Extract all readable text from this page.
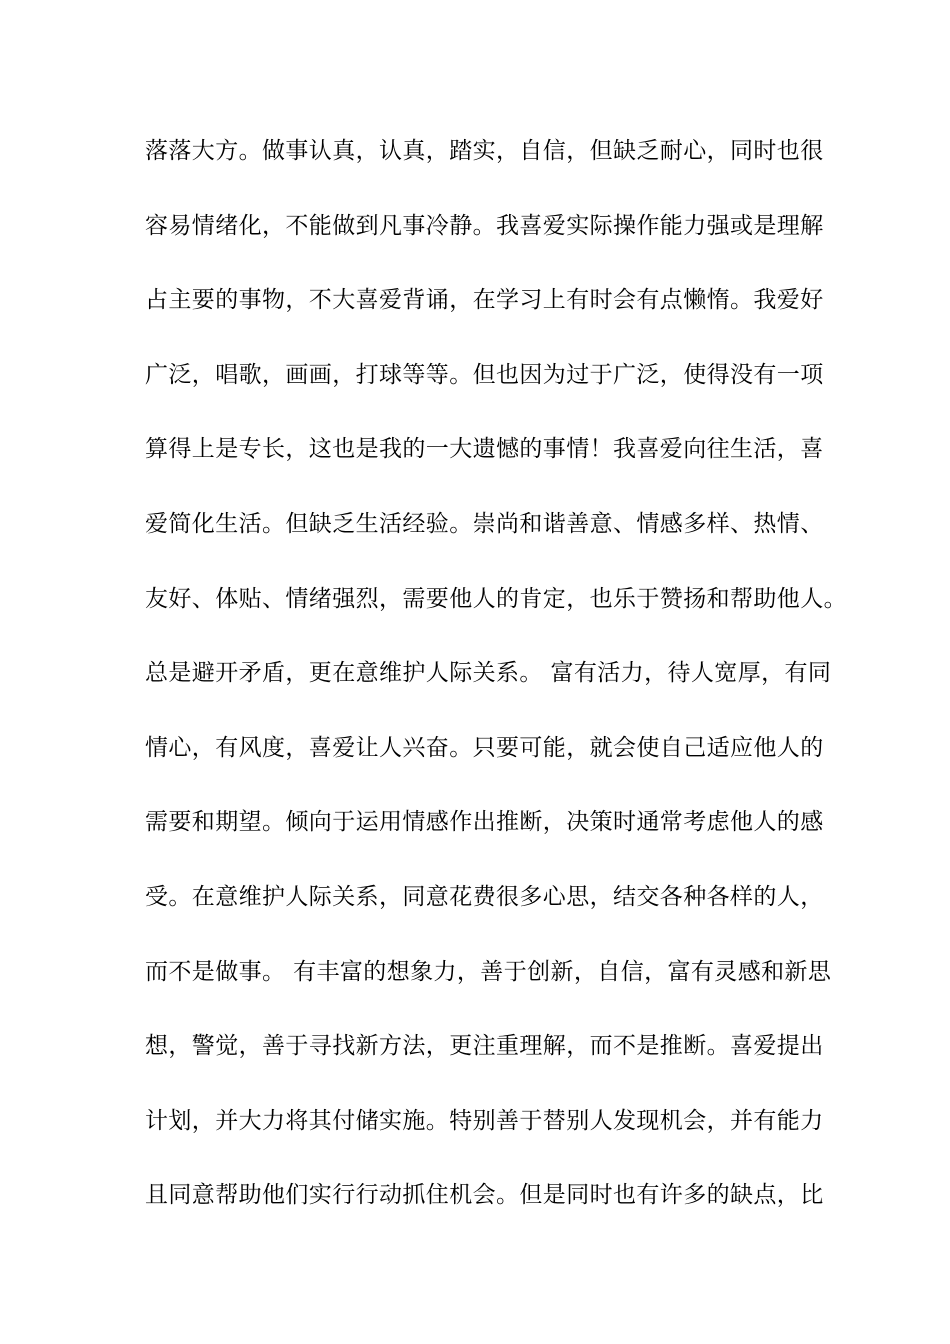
落落大方。做事认真，认真，踏实，自信，但缺乏耐心，同时也很
容易情绪化，不能做到凡事冷静。我喜爱实际操作能力强或是理解
占主要的事物，不大喜爱背诵，在学习上有时会有点懒惰。我爱好
广泛，唱歌，画画，打球等等。但也因为过于广泛，使得没有一项
算得上是专长，这也是我的一大遗憾的事情！我喜爱向往生活，喜
爱简化生活。但缺乏生活经验。崇尚和谐善意、情感多样、热情、
友好、体贴、情绪强烈，需要他人的肯定，也乐于赞扬和帮助他人。
总是避开矛盾，更在意维护人际关系。 富有活力，待人宽厚，有同
情心，有风度，喜爱让人兴奋。只要可能，就会使自己适应他人的
需要和期望。倾向于运用情感作出推断，决策时通常考虑他人的感
受。在意维护人际关系，同意花费很多心思，结交各种各样的人，
而不是做事。 有丰富的想象力，善于创新，自信，富有灵感和新思
想，警觉，善于寻找新方法，更注重理解，而不是推断。喜爱提出
计划，并大力将其付储实施。特别善于替别人发现机会，并有能力
且同意帮助他们实行行动抓住机会。但是同时也有许多的缺点，比
